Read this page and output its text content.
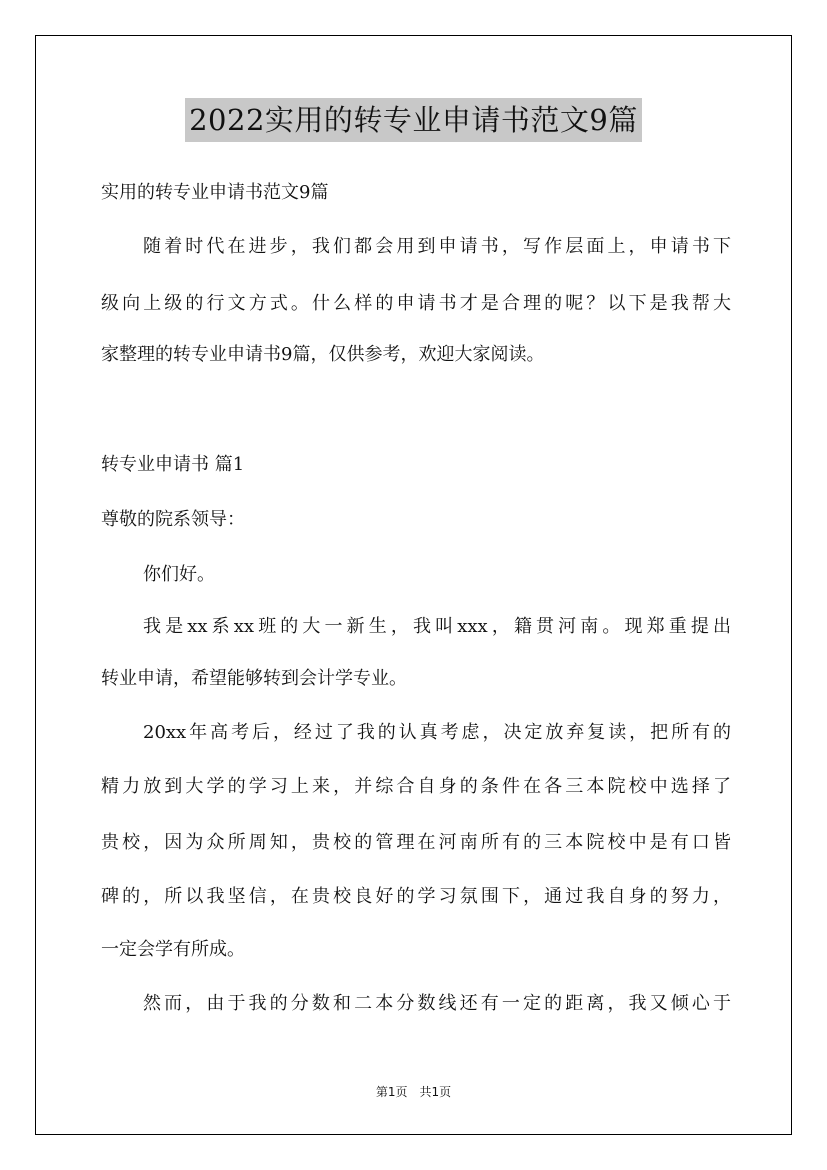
2022实用的转专业申请书范文9篇
实用的转专业申请书范文9篇
随着时代在进步，我们都会用到申请书，写作层面上，申请书下
级向上级的行文方式。什么样的申请书才是合理的呢？以下是我帮大
家整理的转专业申请书9篇，仅供参考，欢迎大家阅读。
转专业申请书 篇1
尊敬的院系领导：
你们好。
我是xx系xx班的大一新生，我叫xxx，籍贯河南。现郑重提出
转业申请，希望能够转到会计学专业。
20xx年高考后，经过了我的认真考虑，决定放弃复读，把所有的
精力放到大学的学习上来，并综合自身的条件在各三本院校中选择了
贵校，因为众所周知，贵校的管理在河南所有的三本院校中是有口皆
碑的，所以我坚信，在贵校良好的学习氛围下，通过我自身的努力，
一定会学有所成。
然而，由于我的分数和二本分数线还有一定的距离，我又倾心于
第1页 共1页
